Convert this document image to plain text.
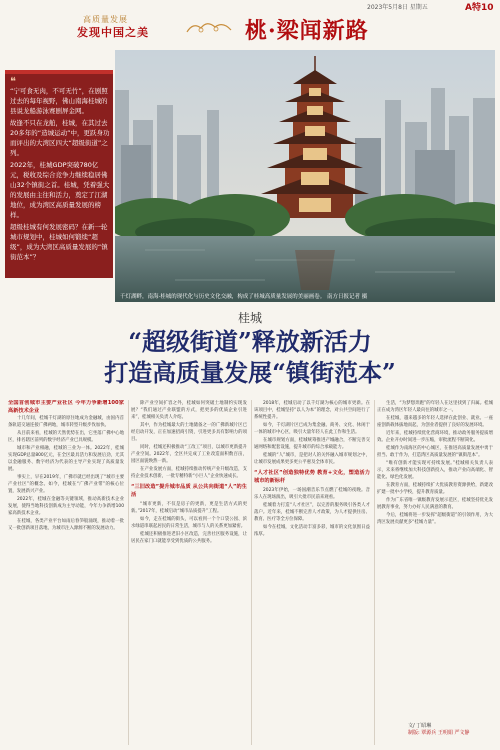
2023年5月8日 星期五	A特10
高质量发展
发现中国之美	桃·梁闻新路
❝

“宁可食无肉，不可无竹”，在剧照过去的每年视野，佛山南海桂城的县说龙船游泳赛剧屏金网。

故逢不只在龙舶，桂城，在其过去20多年的“造城运动”中，更跃身功而评出的大湾区四大“超级街道”之列。

2022年，桂城GDP突破780亿元，税收及综合竞争力继续稳居佛山32个镇街之首。桂城，凭着强大的发展由主往和活力，奠定了江湖地位，成为湾区高质量发展的榜样。

超级桂城有何发展密码？在新一轮城市规划中，桂城如何锻续“超级”，成为大湾区高质量发展的“镇街范本”？

千灯湖畔，南海·桂城的现代化与历史文化交融，构成了桂城高质量发展的美丽画卷。 南方日报记者 摄
桂城
“超级街道”释放新活力
打造高质量发展“镇街范本”
全国首创城市主要产业社区 今年力争新增100家高新技术企业

十几年间，桂城千灯湖的原住地成为金融城，由国内首条轨道交通连接广佛两地，城市转型升级步伐加快。

从目前来看，桂城的天然优势在出，它坐落广佛中心地区，排名辖区前列的数字经济产业已具规模。

城市和产业相融，桂城的三业为一体。2022年，桂城实现GDP总量800亿元，在全区最具活力和发展后劲，尤其以金融服务、数字经济为代表的主导产业实现了高质量发展。

事实上，早在2019年，广佛市就已经出现了“城市主要产业社区”的概念。如今，桂城在“广佛产业带”的核心位置，发展新兴产业。

2022年，桂城在金融等关键领域，推动高新技术企业发展，使得当地科技创新成为主导动能，今年力争新增100家高新技术企业。

在桂城，各类产业平台如雨后春笋般涌现，推动着一批又一批创新项目落地，为城市注入源源不断的发展动力。

除产业空间扩容之外，桂城如何突破土地制约实现发展？“我们通过产业联盟的方式，把更多的优质企业引进来”，桂城相关负责人介绍。

其中，作为桂城最大的土地储备之一的广佛新城片区已经启动开发，正在加速招商引资，引进更多具有影响力的项目。

同时，桂城还积极推动“工改工”项目，以城市更新提升产业空间。2022年，全区共完成了工业改造面积数百亩，园区面貌焕然一新。

在产业发展方面，桂城持续推动传统产业升级改造，支持企业技术创新，一批专精特新“小巨人”企业快速成长。

“三旧改造”提升城市品质 从公共向街道“人”的生活

“城市更新，不仅是房子的更新，更是生活方式的更新。”2017年，桂城启动“城市品质提升”工程。

如今，走在桂城的街头，可以看到一个个口袋公园、滨水绿道串联起居民的日常生活，城市与人的关系更加紧密。

桂城还积极推进老旧小区改造，完善社区服务设施，让居民在家门口就能享受到优质的公共服务。

2018年，桂城启动了以千灯湖为核心的城市更新。在该项目中，桂城坚持“以人为本”的理念，对公共空间进行了系统性提升。

如今，千灯湖片区已成为集金融、商务、文化、休闲于一体的城市中心区，吸引大量年轻人在此工作和生活。

在城市规划方面，桂城统筹推进产城融合，不断完善交通网络和配套设施，提升城市的综合承载能力。

桂城的“人”城市，是把对人的关怀融入城市规划之中，让城市发展成果更多更公平惠及全体市民。

“人才社区”创造独特优势 教育+文化，塑造活力城市的新标杆

2023年伊始，一场国潮音乐节点燃了桂城的夜晚。音乐人在现场演出，吸引大批市民前来观看。

桂城着力打造“人才社区”，以完善的服务吸引各类人才落户。近年来，桂城不断完善人才政策，为人才提供住房、教育、医疗等全方位保障。

如今在桂城，文化活动丰富多彩，城市的文化氛围日益浓厚。

生活，“为梦想奔跑”的年轻人在这里找到了归属。桂城正在成为湾区年轻人最向往的城市之一。

在桂城，越来越多的年轻人选择在此创业、就业。一座座创新载体拔地而起，为创业者提供了良好的发展环境。

近年来，桂城持续优化营商环境，推动政务服务提质增效。企业开办时间进一步压缩，审批流程不断简化。

桂城作为南海区的中心城区，在推进高质量发展中勇于担当、敢于作为，打造湾区高质量发展的“镇街范本”。

“唯有创新才能实现可持续发展。”桂城相关负责人表示，未来将继续加大科技创新投入，推动产业向高端化、智能化、绿色化发展。

在教育方面，桂城持续扩大优质教育资源供给，新建改扩建一批中小学校，提升教育质量。

作为广东省唯一镇级教育发展示范区，桂城坚持优先发展教育事业，努力办好人民满意的教育。

今后，桂城将进一步发挥“超级街道”的引领作用，为大湾区发展贡献更多“桂城力量”。

文/ 丁昭琳
制版: 覃源兵 王明娟 严文静
